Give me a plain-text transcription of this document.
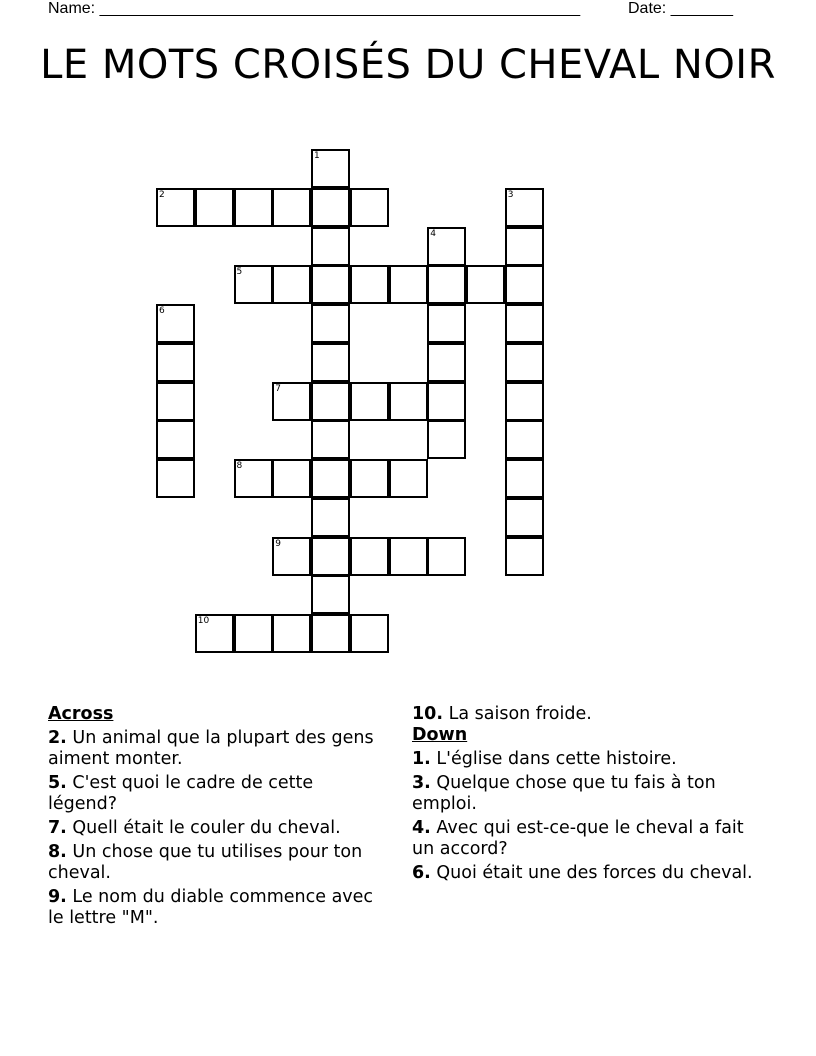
Name: ______________________________________________________	Date: _______
LE MOTS CROISÉS DU CHEVAL NOIR
1
2	3
4
5
6
7
8
9
10
Across
2. Un animal que la plupart des gens aiment monter.
5. C'est quoi le cadre de cette légend?
7. Quell était le couler du cheval.
8. Un chose que tu utilises pour ton cheval.
9. Le nom du diable commence avec le lettre "M".
10. La saison froide.
Down
1. L'église dans cette histoire.
3. Quelque chose que tu fais à ton emploi.
4. Avec qui est-ce-que le cheval a fait un accord?
6. Quoi était une des forces du cheval.
